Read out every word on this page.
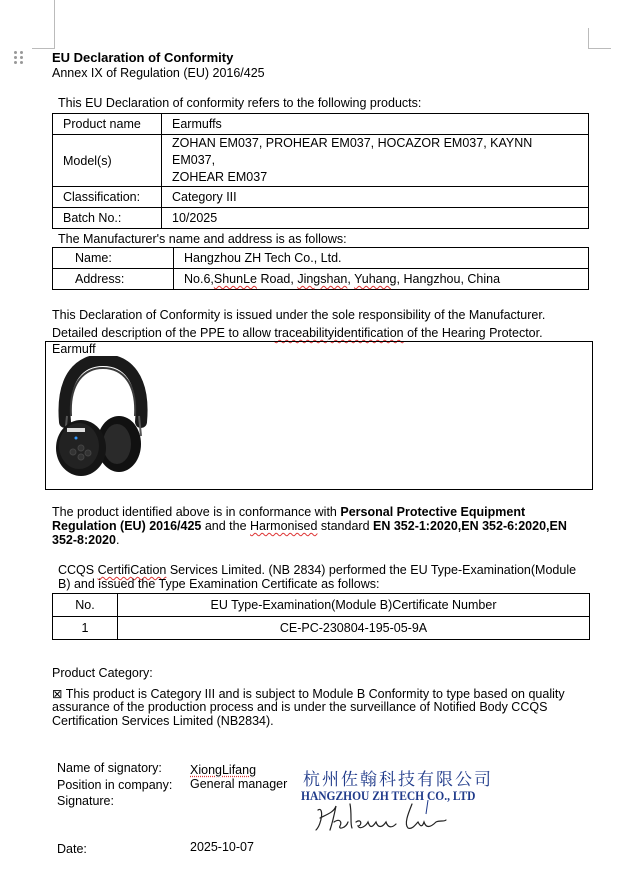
EU Declaration of Conformity
Annex IX of Regulation (EU) 2016/425
This EU Declaration of conformity refers to the following products:
Product name	Earmuffs
Model(s)	ZOHAN EM037, PROHEAR EM037, HOCAZOR EM037, KAYNN EM037,
ZOHEAR EM037

Classification:	Category III
Batch No.:	10/2025
The Manufacturer's name and address is as follows:
Name:	Hangzhou ZH Tech Co., Ltd.
Address:	No.6,ShunLe Road, Jingshan, Yuhang, Hangzhou, China
This Declaration of Conformity is issued under the sole responsibility of the Manufacturer.
Detailed description of the PPE to allow traceabilityidentification of the Hearing Protector.
Earmuff
The product identified above is in conformance with Personal Protective Equipment Regulation (EU) 2016/425 and the Harmonised standard EN 352-1:2020,EN 352-6:2020,EN 352-8:2020.
CCQS CertifiCation Services Limited. (NB 2834) performed the EU Type-Examination(Module
B) and issued the Type Examination Certificate as follows:
No.	EU Type-Examination(Module B)Certificate Number
1	CE-PC-230804-195-05-9A
Product Category:
⊠ This product is Category III and is subject to Module B Conformity to type based on quality
assurance of the production process and is under the surveillance of Notified Body CCQS
Certification Services Limited (NB2834).
Name of signatory: XiongLifang
Position in company: General manager
Signature:
Date:	2025-10-07
杭州佐翰科技有限公司
HANGZHOU ZH TECH CO., LTD
